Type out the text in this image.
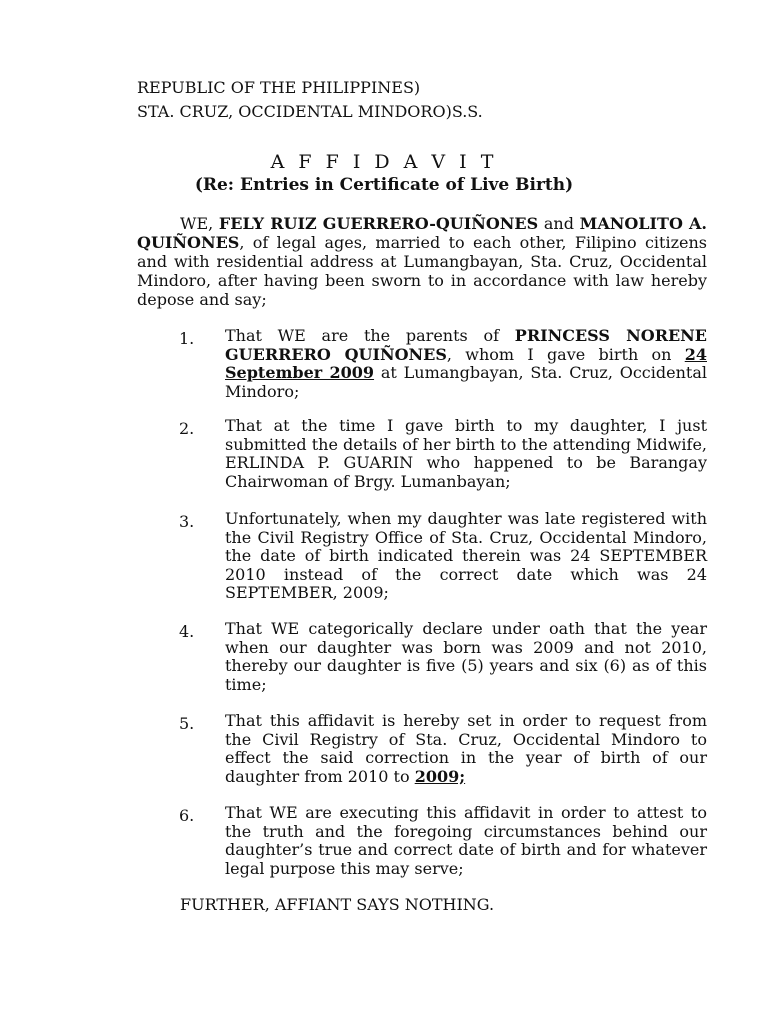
REPUBLIC OF THE PHILIPPINES)
STA. CRUZ, OCCIDENTAL MINDORO)S.S.
A F F I D A V I T
(Re: Entries in Certificate of Live Birth)
WE, FELY RUIZ GUERRERO-QUIÑONES and MANOLITO A. QUIÑONES, of legal ages, married to each other, Filipino citizens and with residential address at Lumangbayan, Sta. Cruz, Occidental Mindoro, after having been sworn to in accordance with law hereby depose and say;
1. That WE are the parents of PRINCESS NORENE GUERRERO QUIÑONES, whom I gave birth on 24 September 2009 at Lumangbayan, Sta. Cruz, Occidental Mindoro;
2. That at the time I gave birth to my daughter, I just submitted the details of her birth to the attending Midwife, ERLINDA P. GUARIN who happened to be Barangay Chairwoman of Brgy. Lumanbayan;
3. Unfortunately, when my daughter was late registered with the Civil Registry Office of Sta. Cruz, Occidental Mindoro, the date of birth indicated therein was 24 SEPTEMBER 2010 instead of the correct date which was 24 SEPTEMBER, 2009;
4. That WE categorically declare under oath that the year when our daughter was born was 2009 and not 2010, thereby our daughter is five (5) years and six (6) as of this time;
5. That this affidavit is hereby set in order to request from the Civil Registry of Sta. Cruz, Occidental Mindoro to effect the said correction in the year of birth of our daughter from 2010 to 2009;
6. That WE are executing this affidavit in order to attest to the truth and the foregoing circumstances behind our daughter’s true and correct date of birth and for whatever legal purpose this may serve;
FURTHER, AFFIANT SAYS NOTHING.
